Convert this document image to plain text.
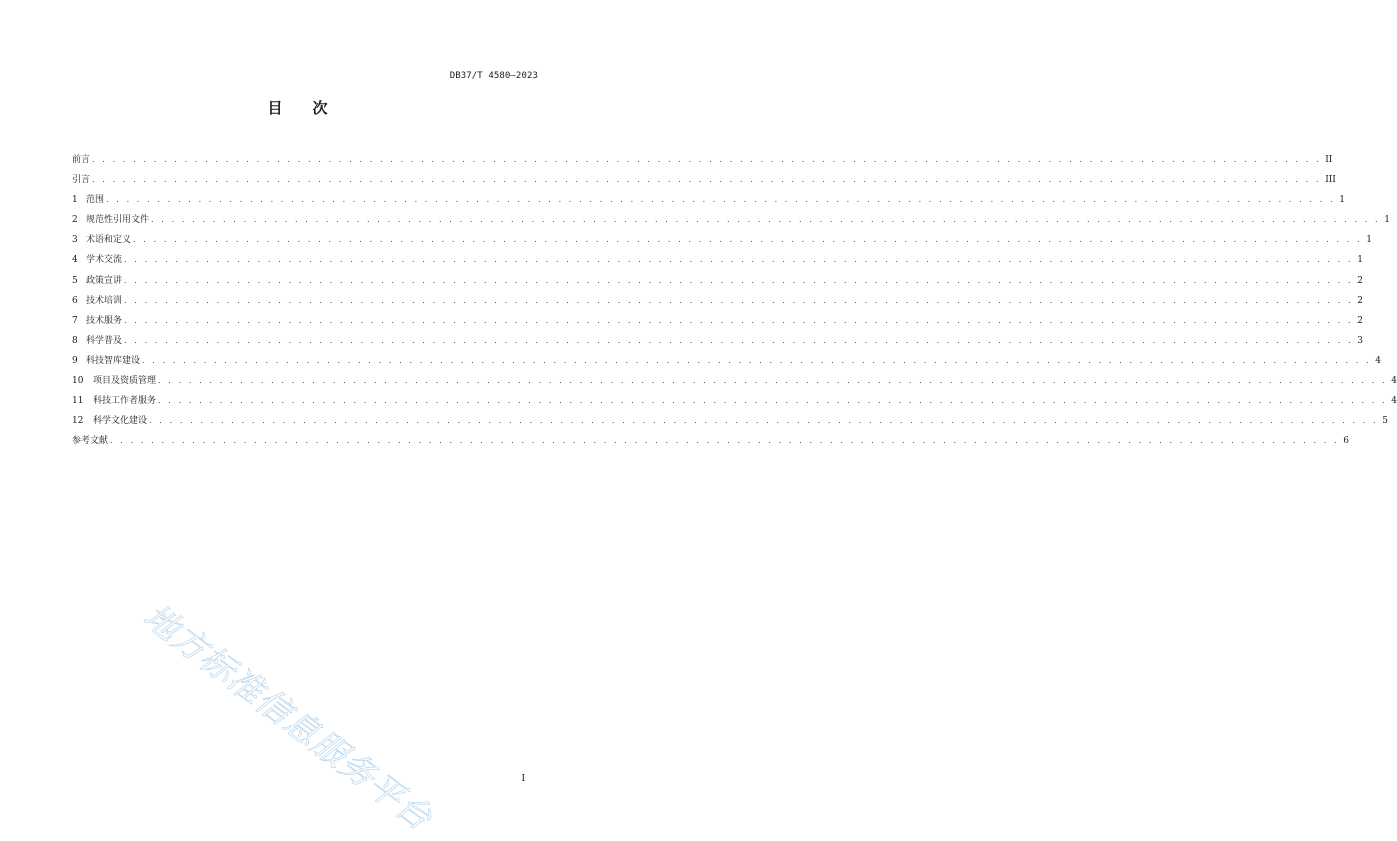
DB37/T 4580—2023
目　　次
前言 . . . . . . . . . . . . . . . . . . . . . . . . . . . . . . . . . . . . . . . . . . . . . . . . . . . . . . . . . . . . . . . . . . . . . . . . . . . . . . . . . . . . . . . . . . . . . . . . . . . . . . . . . . . . . . . . . . . . . . . . II
引言 . . . . . . . . . . . . . . . . . . . . . . . . . . . . . . . . . . . . . . . . . . . . . . . . . . . . . . . . . . . . . . . . . . . . . . . . . . . . . . . . . . . . . . . . . . . . . . . . . . . . . . . . . . . . . . . . . . . . . . . . III
1 范围 . . . . . . . . . . . . . . . . . . . . . . . . . . . . . . . . . . . . . . . . . . . . . . . . . . . . . . . . . . . . . . . . . . . . . . . . . . . . . . . . . . . . . . . . . . . . . . . . . . . . . . . . . . . . . . . . . . . . . . . . 1
2 规范性引用文件 . . . . . . . . . . . . . . . . . . . . . . . . . . . . . . . . . . . . . . . . . . . . . . . . . . . . . . . . . . . . . . . . . . . . . . . . . . . . . . . . . . . . . . . . . . . . . . . . . . . . . . . . . . . . . . . . . . . . . . . . 1
3 术语和定义 . . . . . . . . . . . . . . . . . . . . . . . . . . . . . . . . . . . . . . . . . . . . . . . . . . . . . . . . . . . . . . . . . . . . . . . . . . . . . . . . . . . . . . . . . . . . . . . . . . . . . . . . . . . . . . . . . . . . . . . . 1
4 学术交流 . . . . . . . . . . . . . . . . . . . . . . . . . . . . . . . . . . . . . . . . . . . . . . . . . . . . . . . . . . . . . . . . . . . . . . . . . . . . . . . . . . . . . . . . . . . . . . . . . . . . . . . . . . . . . . . . . . . . . . . . 1
5 政策宣讲 . . . . . . . . . . . . . . . . . . . . . . . . . . . . . . . . . . . . . . . . . . . . . . . . . . . . . . . . . . . . . . . . . . . . . . . . . . . . . . . . . . . . . . . . . . . . . . . . . . . . . . . . . . . . . . . . . . . . . . . . 2
6 技术培训 . . . . . . . . . . . . . . . . . . . . . . . . . . . . . . . . . . . . . . . . . . . . . . . . . . . . . . . . . . . . . . . . . . . . . . . . . . . . . . . . . . . . . . . . . . . . . . . . . . . . . . . . . . . . . . . . . . . . . . . . 2
7 技术服务 . . . . . . . . . . . . . . . . . . . . . . . . . . . . . . . . . . . . . . . . . . . . . . . . . . . . . . . . . . . . . . . . . . . . . . . . . . . . . . . . . . . . . . . . . . . . . . . . . . . . . . . . . . . . . . . . . . . . . . . . 2
8 科学普及 . . . . . . . . . . . . . . . . . . . . . . . . . . . . . . . . . . . . . . . . . . . . . . . . . . . . . . . . . . . . . . . . . . . . . . . . . . . . . . . . . . . . . . . . . . . . . . . . . . . . . . . . . . . . . . . . . . . . . . . . 3
9 科技智库建设 . . . . . . . . . . . . . . . . . . . . . . . . . . . . . . . . . . . . . . . . . . . . . . . . . . . . . . . . . . . . . . . . . . . . . . . . . . . . . . . . . . . . . . . . . . . . . . . . . . . . . . . . . . . . . . . . . . . . . . . . 4
10	项目及资质管理 . . . . . . . . . . . . . . . . . . . . . . . . . . . . . . . . . . . . . . . . . . . . . . . . . . . . . . . . . . . . . . . . . . . . . . . . . . . . . . . . . . . . . . . . . . . . . . . . . . . . . . . . . . . . . . . . . . . . . . . . 4
11	科技工作者服务 . . . . . . . . . . . . . . . . . . . . . . . . . . . . . . . . . . . . . . . . . . . . . . . . . . . . . . . . . . . . . . . . . . . . . . . . . . . . . . . . . . . . . . . . . . . . . . . . . . . . . . . . . . . . . . . . . . . . . . . . 4
12	科学文化建设 . . . . . . . . . . . . . . . . . . . . . . . . . . . . . . . . . . . . . . . . . . . . . . . . . . . . . . . . . . . . . . . . . . . . . . . . . . . . . . . . . . . . . . . . . . . . . . . . . . . . . . . . . . . . . . . . . . . . . . . . 5
参考文献 . . . . . . . . . . . . . . . . . . . . . . . . . . . . . . . . . . . . . . . . . . . . . . . . . . . . . . . . . . . . . . . . . . . . . . . . . . . . . . . . . . . . . . . . . . . . . . . . . . . . . . . . . . . . . . . . . . . . . . . . 6
地方标准信息服务平台	I
